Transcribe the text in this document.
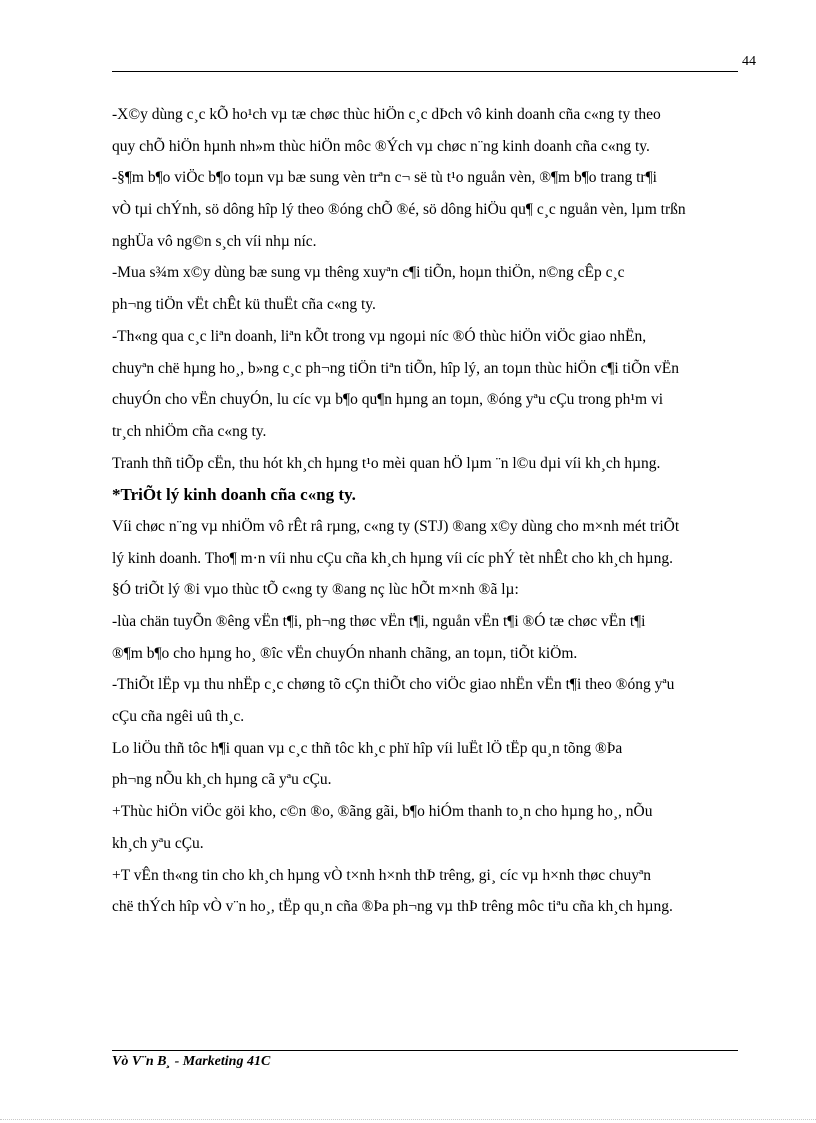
44
-X©y dùng c¸c kÕ ho¹ch vµ tæ chøc thùc hiÖn c¸c dÞch vô kinh doanh cña c«ng ty theo
quy chÕ hiÖn hµnh nh»m thùc hiÖn môc ®Ých vµ chøc n¨ng kinh doanh cña c«ng ty.
-§¶m b¶o viÖc b¶o toµn vµ bæ sung vèn trªn c¬ së tù t¹o nguån vèn, ®¶m b¶o trang tr¶i
vÒ tµi chÝnh, sö dông hîp lý theo ®óng chÕ ®é, sö dông hiÖu qu¶ c¸c nguån vèn, lµm trßn
nghÜa vô ng©n s¸ch víi nhµ níc.
-Mua s¾m x©y dùng bæ sung vµ thêng xuyªn c¶i tiÕn, hoµn thiÖn, n©ng cÊp c¸c
ph¬ng tiÖn vËt chÊt kü thuËt cña c«ng ty.
-Th«ng qua c¸c liªn doanh, liªn kÕt trong vµ ngoµi níc ®Ó thùc hiÖn viÖc giao nhËn,
chuyªn chë hµng ho¸, b»ng c¸c ph¬ng tiÖn tiªn tiÕn, hîp lý, an toµn thùc hiÖn c¶i tiÕn vËn
chuyÓn cho vËn chuyÓn, lu cíc vµ b¶o qu¶n hµng an toµn, ®óng yªu cÇu trong ph¹m vi
tr¸ch nhiÖm cña c«ng ty.
Tranh thñ tiÕp cËn, thu hót kh¸ch hµng t¹o mèi quan hÖ lµm ¨n l©u dµi víi kh¸ch hµng.
*TriÕt lý kinh doanh cña c«ng ty.
Víi chøc n¨ng vµ nhiÖm vô rÊt râ rµng, c«ng ty (STJ) ®ang x©y dùng cho m×nh mét triÕt
lý kinh doanh. Tho¶ m·n víi nhu cÇu cña kh¸ch hµng víi cíc phÝ tèt nhÊt cho kh¸ch hµng.
§Ó triÕt lý ®i vµo thùc tÕ c«ng ty ®ang nç lùc hÕt m×nh ®ã lµ:
-lùa chän tuyÕn ®êng vËn t¶i, ph¬ng thøc vËn t¶i, nguån vËn t¶i ®Ó tæ chøc vËn t¶i
®¶m b¶o cho hµng ho¸ ®îc vËn chuyÓn nhanh chãng, an toµn, tiÕt kiÖm.
-ThiÕt lËp vµ thu nhËp c¸c chøng tõ cÇn thiÕt cho viÖc giao nhËn vËn t¶i theo ®óng yªu
cÇu cña ngêi uû th¸c.
Lo liÖu thñ tôc h¶i quan vµ c¸c thñ tôc kh¸c phï hîp víi luËt lÖ tËp qu¸n tõng ®Þa
ph¬ng nÕu kh¸ch hµng cã yªu cÇu.
+Thùc hiÖn viÖc göi kho, c©n ®o, ®ãng gãi, b¶o hiÓm thanh to¸n cho hµng ho¸, nÕu
kh¸ch yªu cÇu.
+T vÊn th«ng tin cho kh¸ch hµng vÒ t×nh h×nh thÞ trêng, gi¸ cíc vµ h×nh thøc chuyªn
chë thÝch hîp vÒ v¨n ho¸, tËp qu¸n cña ®Þa ph¬ng vµ thÞ trêng môc tiªu cña kh¸ch hµng.
Vò V¨n B¸ - Marketing 41C
